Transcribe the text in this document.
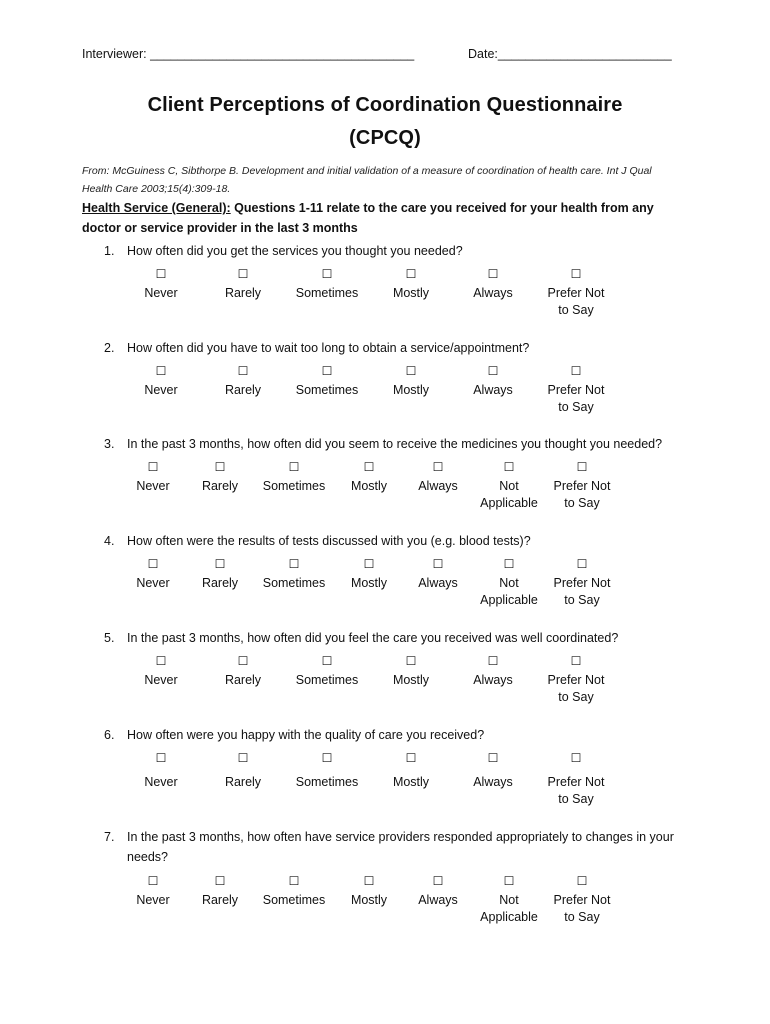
Interviewer: ______________________________________	Date:_________________________
Client Perceptions of Coordination Questionnaire
(CPCQ)
From: McGuiness C, Sibthorpe B. Development and initial validation of a measure of coordination of health care. Int J Qual Health Care 2003;15(4):309-18.
Health Service (General): Questions 1-11 relate to the care you received for your health from any doctor or service provider in the last 3 months
1. How often did you get the services you thought you needed?
☐
Never
☐
Rarely
☐
Sometimes
☐
Mostly
☐
Always
☐
Prefer Not to Say
2. How often did you have to wait too long to obtain a service/appointment?
☐
Never
☐
Rarely
☐
Sometimes
☐
Mostly
☐
Always
☐
Prefer Not to Say
3. In the past 3 months, how often did you seem to receive the medicines you thought you needed?
☐
Never
☐
Rarely
☐
Sometimes
☐
Mostly
☐
Always
☐
Not Applicable
☐
Prefer Not to Say
4. How often were the results of tests discussed with you (e.g. blood tests)?
☐
Never
☐
Rarely
☐
Sometimes
☐
Mostly
☐
Always
☐
Not Applicable
☐
Prefer Not to Say
5. In the past 3 months, how often did you feel the care you received was well coordinated?
☐
Never
☐
Rarely
☐
Sometimes
☐
Mostly
☐
Always
☐
Prefer Not to Say
6. How often were you happy with the quality of care you received?
☐
Never
☐
Rarely
☐
Sometimes
☐
Mostly
☐
Always
☐
Prefer Not to Say
7. In the past 3 months, how often have service providers responded appropriately to changes in your needs?
☐
Never
☐
Rarely
☐
Sometimes
☐
Mostly
☐
Always
☐
Not Applicable
☐
Prefer Not to Say
